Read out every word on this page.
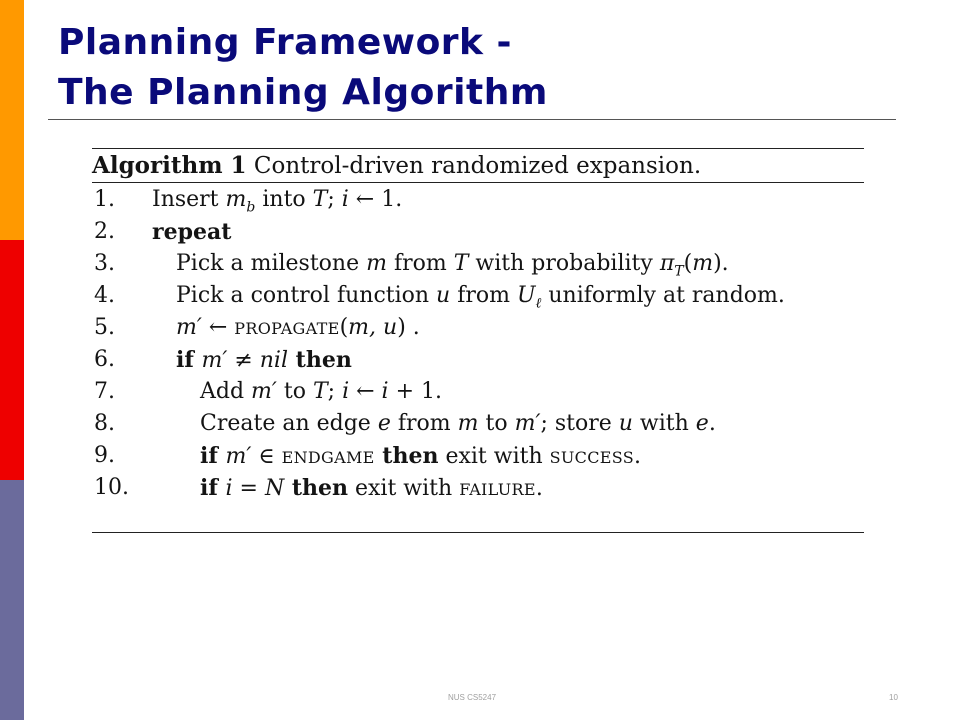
Planning Framework -
The Planning Algorithm
Algorithm 1 Control-driven randomized expansion.
1. Insert $m_b$ into T; i ← 1.
2. repeat
3.	Pick a milestone m from T with probability $\pi_T(m)$.
4.	Pick a control function u from $U_\ell$ uniformly at random.
5.	m′ ← PROPAGATE(m, u) .
6.	if m′ ≠ nil then
7.	Add m′ to T; i ← i + 1.
8.	Create an edge e from m to m′; store u with e.
9.	if m′ ∈ ENDGAME then exit with SUCCESS.
10.	if i = N then exit with FAILURE.
NUS CS5247	10
